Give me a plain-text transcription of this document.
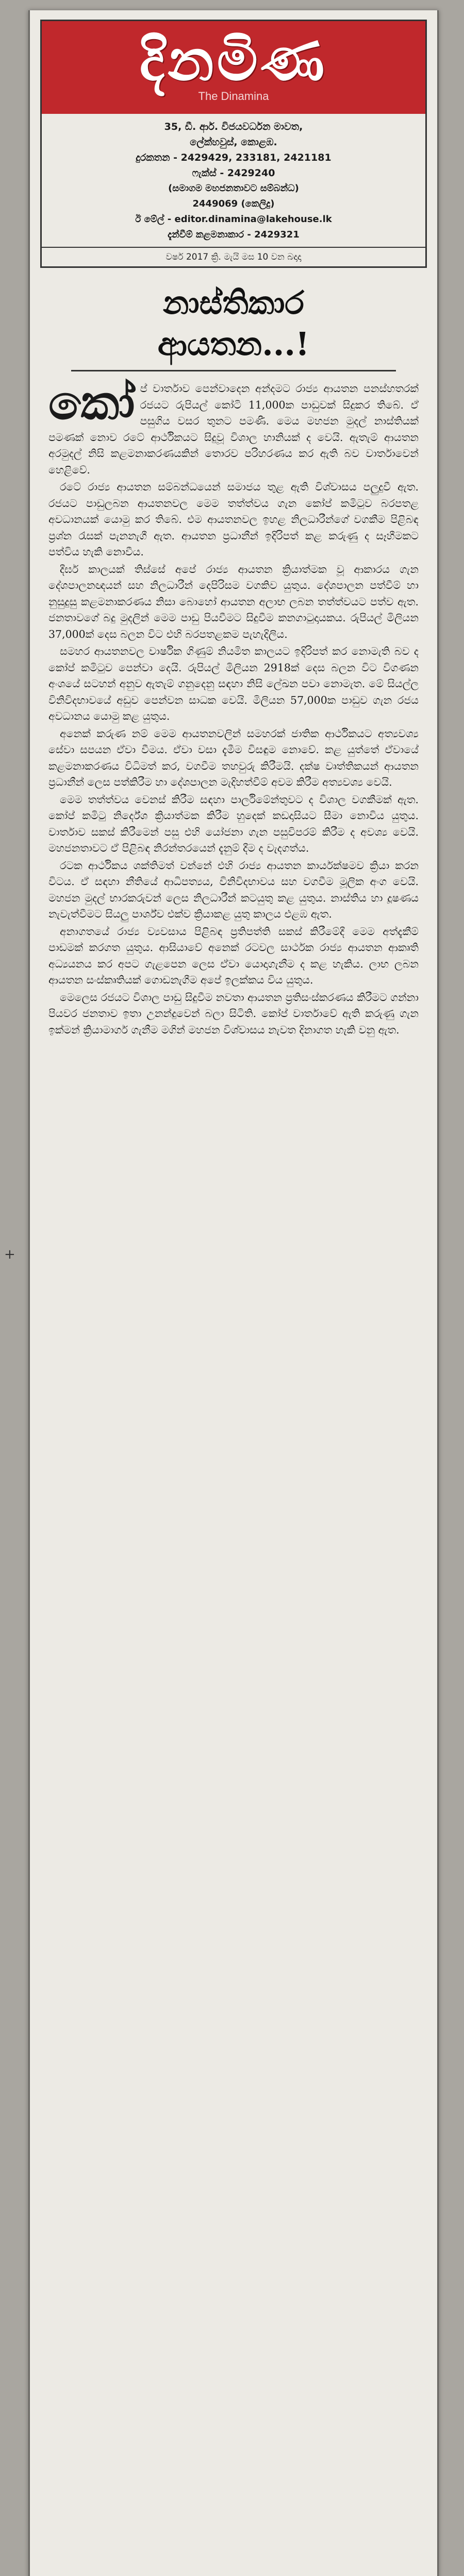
දිනමිණ
The Dinamina
35, ඩී. ආර්. විජයවර්ධන මාවත,
ලේක්හවුස්, කොළඹ.
දුරකතන - 2429429, 233181, 2421181
ෆැක්ස් - 2429240
(සමාගම මහජනතාවට සම්බන්ධ)
2449069 (කෙලිදු)
ඊ මේල් - editor.dinamina@lakehouse.lk
දැන්වීම් කළමනාකාර - 2429321
වර්ෂ 2017 ක්‍රි. මැයි මස 10 වන බදාදා
නාස්තිකාර
ආයතන...!

කෝප් වාර්තාව පෙන්වාදෙන අන්දමට රාජ්‍ය ආයතන පනස්හතරක් රජයට රුපියල් කෝටි 11,000ක පාඩුවක් සිදුකර තිබේ. ඒ පසුගිය වසර තුනට පමණී. මෙය මහජන මුදල් නාස්තියක් පමණක් නොව රටේ ආර්ථිකයට සිදුවූ විශාල හානියක් ද වෙයි. ඇතැම් ආයතන අරමුදල් නිසි කළමනාකරණයකින් තොරව පරිහරණය කර ඇති බව වාර්තාවෙන් හෙළිවේ.

රටේ රාජ්‍ය ආයතන සම්බන්ධයෙන් සමාජය තුළ ඇති විශ්වාසය පලුදුවී ඇත. රජයට පාඩුලබන ආයතනවල මෙම තත්ත්වය ගැන කෝප් කමිටුව බරපතළ අවධානයක් යොමු කර තිබේ. එම ආයතනවල ඉහළ නිලධාරීන්ගේ වගකීම පිළිබඳ ප්‍රශ්න රැසක් පැනනැගී ඇත. ආයතන ප්‍රධානීන් ඉදිරිපත් කළ කරුණු ද සෑහීමකට පත්විය හැකි නොවීය.

දීර්ඝ කාලයක් තිස්සේ අපේ රාජ්‍ය ආයතන ක්‍රියාත්මක වූ ආකාරය ගැන දේශපාලනඥයන් සහ නිලධාරීන් දෙපිරිසම වගකිව යුතුය. දේශපාලන පත්වීම් හා නුසුදුසු කළමනාකරණය නිසා බොහෝ ආයතන අලාභ ලබන තත්ත්වයට පත්ව ඇත. ජනතාවගේ බදු මුදලින් මෙම පාඩු පියවීමට සිදුවීම කනගාටුදායකය. රුපියල් මිලියන 37,000ක් දෙස බලන විට එහි බරපතළකම පැහැදිලිය.

සමහර ආයතනවල වාර්ෂික ගිණුම් නියමිත කාලයට ඉදිරිපත් කර නොමැති බව ද කෝප් කමිටුව පෙන්වා දෙයි. රුපියල් මිලියන 2918ක් දෙස බලන විට විගණන අංශයේ සටහන් අනුව ඇතැම් ගනුදෙනු සඳහා නිසි ලේඛන පවා නොමැත. මේ සියල්ල විනිවිදභාවයේ අඩුව පෙන්වන සාධක වෙයි. මිලියන 57,000ක පාඩුව ගැන රජය අවධානය යොමු කළ යුතුය.

අනෙක් කරුණ නම් මෙම ආයතනවලින් සමහරක් ජාතික ආර්ථිකයට අත්‍යවශ්‍ය සේවා සපයන ඒවා වීමය. ඒවා වසා දැමීම විසඳුම නොවේ. කළ යුත්තේ ඒවායේ කළමනාකරණය විධිමත් කර, වගවීම තහවුරු කිරීමයි. දක්ෂ වෘත්තිකයන් ආයතන ප්‍රධානීන් ලෙස පත්කිරීම හා දේශපාලන මැදිහත්වීම් අවම කිරීම අත්‍යවශ්‍ය වෙයි.

මෙම තත්ත්වය වෙනස් කිරීම සඳහා පාර්ලිමේන්තුවට ද විශාල වගකීමක් ඇත. කෝප් කමිටු නිර්දේශ ක්‍රියාත්මක කිරීම හුදෙක් කඩදාසියට සීමා නොවිය යුතුය. වාර්තාව සකස් කිරීමෙන් පසු එහි යෝජනා ගැන පසුවිපරම් කිරීම ද අවශ්‍ය වෙයි. මහජනතාවට ඒ පිළිබඳ නිරන්තරයෙන් දැනුම් දීම ද වැදගත්ය.

රටක ආර්ථිකය ශක්තිමත් වන්නේ එහි රාජ්‍ය ආයතන කාර්යක්ෂමව ක්‍රියා කරන විටය. ඒ සඳහා නීතියේ ආධිපත්‍යය, විනිවිදභාවය සහ වගවීම මූලික අංග වෙයි. මහජන මුදල් භාරකරුවන් ලෙස නිලධාරීන් කටයුතු කළ යුතුය. නාස්තිය හා දූෂණය නැවැත්වීමට සියලු පාර්ශ්ව එක්ව ක්‍රියාකළ යුතු කාලය එළඹ ඇත.

අනාගතයේ රාජ්‍ය ව්‍යවසාය පිළිබඳ ප්‍රතිපත්ති සකස් කිරීමේදී මෙම අත්දැකීම් පාඩමක් කරගත යුතුය. ආසියාවේ අනෙක් රටවල සාර්ථක රාජ්‍ය ආයතන ආකෘති අධ්‍යයනය කර අපට ගැළපෙන ලෙස ඒවා යොදාගැනීම ද කළ හැකිය. ලාභ ලබන ආයතන සංස්කෘතියක් ගොඩනැගීම අපේ ඉලක්කය විය යුතුය.

මෙලෙස රජයට විශාල පාඩු සිදුවීම නවතා ආයතන ප්‍රතිසංස්කරණය කිරීමට ගන්නා පියවර ජනතාව ඉතා උනන්දුවෙන් බලා සිටිති. කෝප් වාර්තාවේ ඇති කරුණු ගැන ඉක්මන් ක්‍රියාමාර්ග ගැනීම මගින් මහජන විශ්වාසය නැවත දිනාගත හැකි වනු ඇත.

+
